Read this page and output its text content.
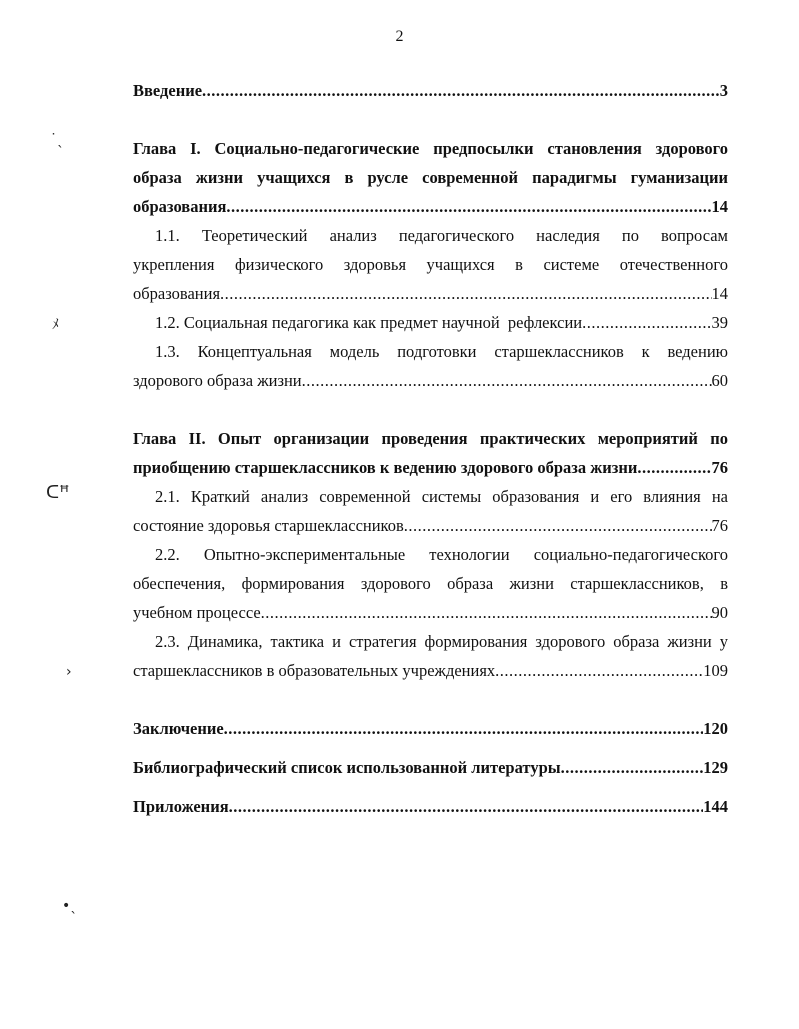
2
˙ˎ
ﾒ
ᑕꟸ
›
•ˎ
Введение .....	3
Глава I. Социально-педагогические предпосылки становления здорового
образа жизни учащихся в русле современной парадигмы гуманизации
образования .....	14
1.1. Теоретический анализ педагогического наследия по вопросам
укрепления физического здоровья учащихся в системе отечественного
образования .....	14
1.2. Социальная педагогика как предмет научной  рефлексии .....	39
1.3. Концептуальная модель подготовки старшеклассников к ведению
здорового образа жизни .....	60
Глава II. Опыт организации проведения практических мероприятий по
приобщению старшеклассников к ведению здорового образа жизни .....	76
2.1. Краткий анализ современной системы образования и его влияния на
состояние здоровья старшеклассников .....	76
2.2. Опытно-экспериментальные технологии социально-педагогического
обеспечения, формирования здорового образа жизни старшеклассников, в
учебном процессе .....	90
2.3. Динамика, тактика и стратегия формирования здорового образа жизни у
старшеклассников в образовательных учреждениях .....	109
Заключение .....	120
Библиографический список использованной литературы .....	129
Приложения .....	144
